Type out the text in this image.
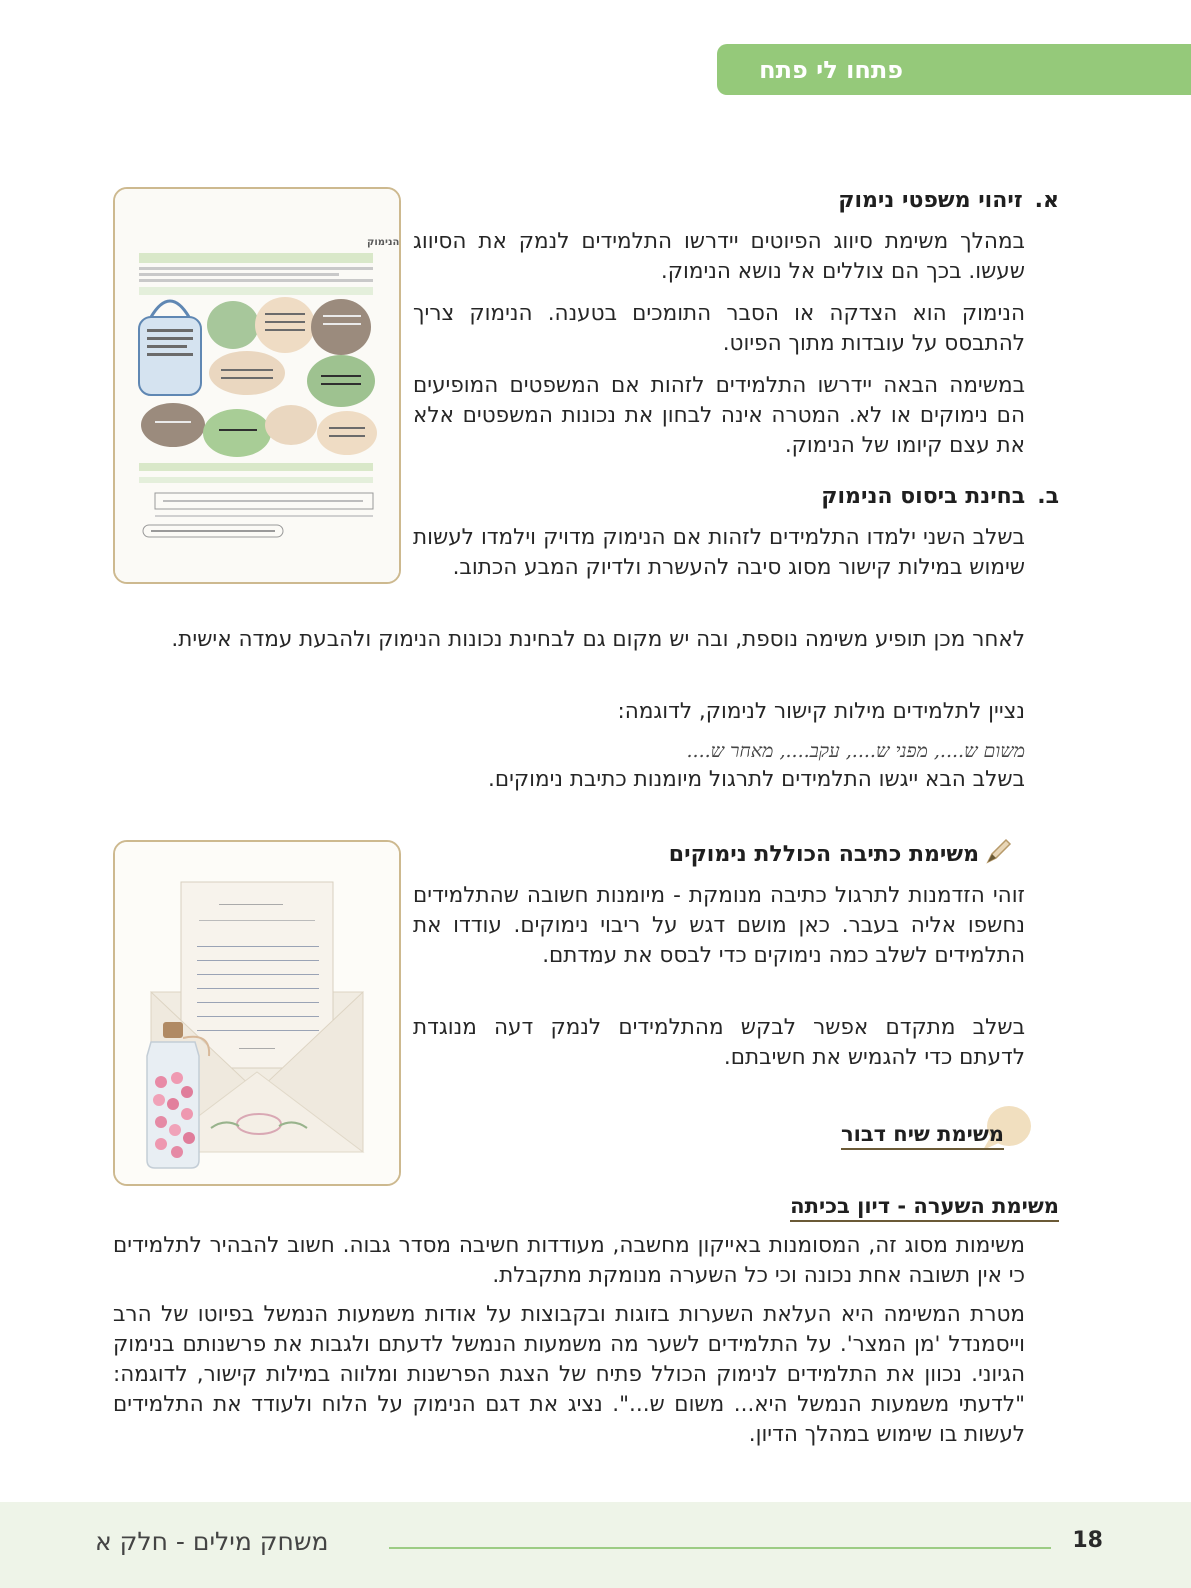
פתחו לי פתח
הנימוק
א.זיהוי משפטי נימוק
במהלך משימת סיווג הפיוטים יידרשו התלמידים לנמק את הסיווג שעשו. בכך הם צוללים אל נושא הנימוק.
הנימוק הוא הצדקה או הסבר התומכים בטענה. הנימוק צריך להתבסס על עובדות מתוך הפיוט.
במשימה הבאה יידרשו התלמידים לזהות אם המשפטים המופיעים הם נימוקים או לא. המטרה אינה לבחון את נכונות המשפטים אלא את עצם קיומו של הנימוק.
ב.בחינת ביסוס הנימוק
בשלב השני ילמדו התלמידים לזהות אם הנימוק מדויק וילמדו לעשות שימוש במילות קישור מסוג סיבה להעשרת ולדיוק המבע הכתוב.
לאחר מכן תופיע משימה נוספת, ובה יש מקום גם לבחינת נכונות הנימוק ולהבעת עמדה אישית.
נציין לתלמידים מילות קישור לנימוק, לדוגמה:
משום ש...., מפני ש...., עקב...., מאחר ש....
בשלב הבא ייגשו התלמידים לתרגול מיומנות כתיבת נימוקים.
משימת כתיבה הכוללת נימוקים
זוהי הזדמנות לתרגול כתיבה מנומקת - מיומנות חשובה שהתלמידים נחשפו אליה בעבר. כאן מושם דגש על ריבוי נימוקים. עודדו את התלמידים לשלב כמה נימוקים כדי לבסס את עמדתם.
בשלב מתקדם אפשר לבקש מהתלמידים לנמק דעה מנוגדת לדעתם כדי להגמיש את חשיבתם.
משימת שיח דבור
משימת השערה - דיון בכיתה
משימות מסוג זה, המסומנות באייקון מחשבה, מעודדות חשיבה מסדר גבוה. חשוב להבהיר לתלמידים כי אין תשובה אחת נכונה וכי כל השערה מנומקת מתקבלת.
מטרת המשימה היא העלאת השערות בזוגות ובקבוצות על אודות משמעות הנמשל בפיוטו של הרב וייסמנדל 'מן המצר'. על התלמידים לשער מה משמעות הנמשל לדעתם ולגבות את פרשנותם בנימוק הגיוני. נכוון את התלמידים לנימוק הכולל פתיח של הצגת הפרשנות ומלווה במילות קישור, לדוגמה: "לדעתי משמעות הנמשל היא... משום ש...". נציג את דגם הנימוק על הלוח ולעודד את התלמידים לעשות בו שימוש במהלך הדיון.
18
משחק מילים - חלק א
